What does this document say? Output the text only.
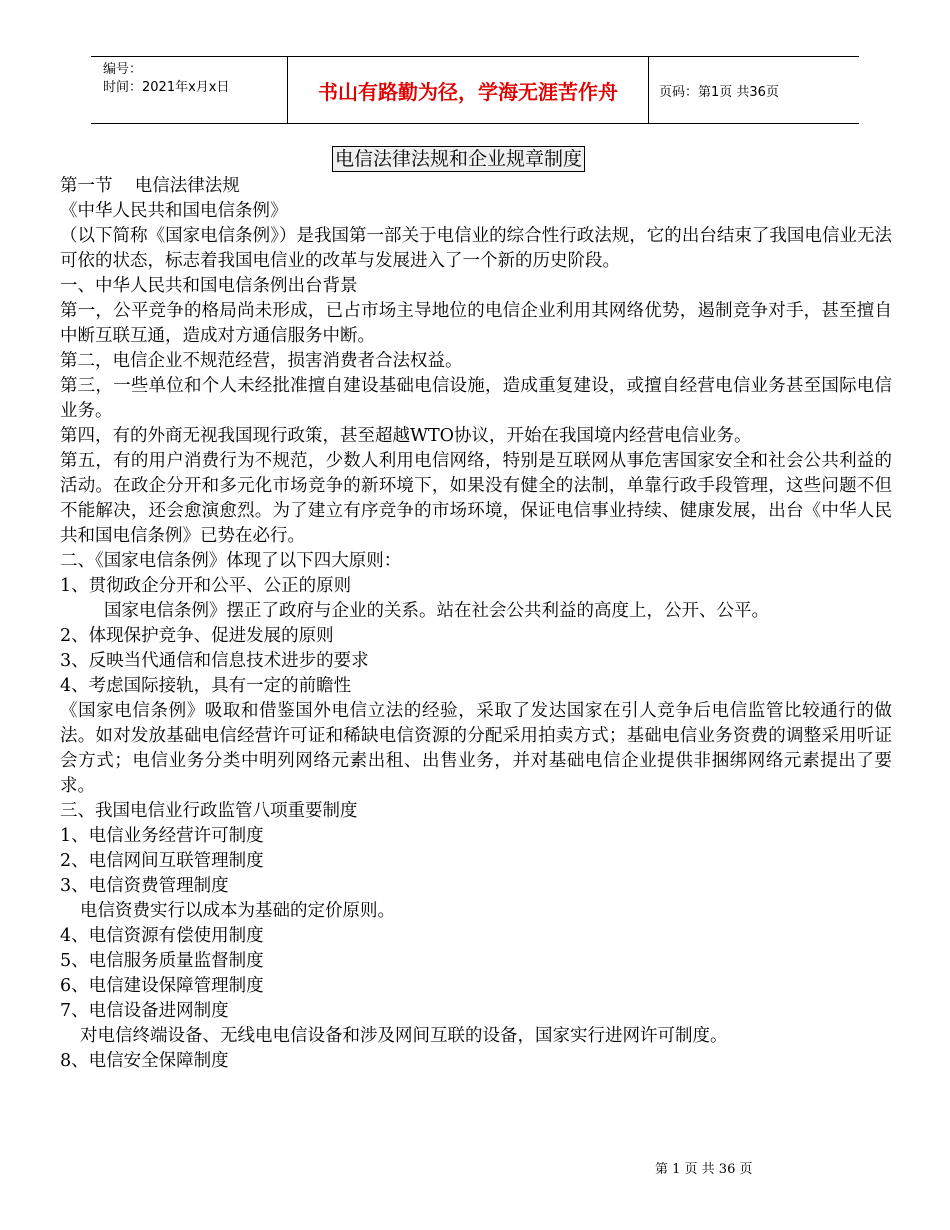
编号：
时间：2021年x月x日	书山有路勤为径，学海无涯苦作舟	页码：第1页 共36页
电信法律法规和企业规章制度

第一节    电信法律法规

《中华人民共和国电信条例》

（以下简称《国家电信条例》）是我国第一部关于电信业的综合性行政法规，它的出台结束了我国电信业无法可依的状态，标志着我国电信业的改革与发展进入了一个新的历史阶段。

一、中华人民共和国电信条例出台背景

第一，公平竞争的格局尚未形成，已占市场主导地位的电信企业利用其网络优势，遏制竞争对手，甚至擅自中断互联互通，造成对方通信服务中断。

第二，电信企业不规范经营，损害消费者合法权益。

第三，一些单位和个人未经批准擅自建设基础电信设施，造成重复建设，或擅自经营电信业务甚至国际电信业务。

第四，有的外商无视我国现行政策，甚至超越WTO协议，开始在我国境内经营电信业务。

第五，有的用户消费行为不规范，少数人利用电信网络，特别是互联网从事危害国家安全和社会公共利益的活动。在政企分开和多元化市场竞争的新环境下，如果没有健全的法制，单靠行政手段管理，这些问题不但不能解决，还会愈演愈烈。为了建立有序竞争的市场环境，保证电信事业持续、健康发展，出台《中华人民共和国电信条例》已势在必行。

二、《国家电信条例》体现了以下四大原则：

1、贯彻政企分开和公平、公正的原则

国家电信条例》摆正了政府与企业的关系。站在社会公共利益的高度上，公开、公平。

2、体现保护竞争、促进发展的原则

3、反映当代通信和信息技术进步的要求

4、考虑国际接轨，具有一定的前瞻性

《国家电信条例》吸取和借鉴国外电信立法的经验，采取了发达国家在引人竞争后电信监管比较通行的做法。如对发放基础电信经营许可证和稀缺电信资源的分配采用拍卖方式；基础电信业务资费的调整采用听证会方式；电信业务分类中明列网络元素出租、出售业务，并对基础电信企业提供非捆绑网络元素提出了要求。

三、我国电信业行政监管八项重要制度

1、电信业务经营许可制度

2、电信网间互联管理制度

3、电信资费管理制度

电信资费实行以成本为基础的定价原则。

4、电信资源有偿使用制度

5、电信服务质量监督制度

6、电信建设保障管理制度

7、电信设备进网制度

对电信终端设备、无线电电信设备和涉及网间互联的设备，国家实行进网许可制度。

8、电信安全保障制度

第 1 页 共 36 页
